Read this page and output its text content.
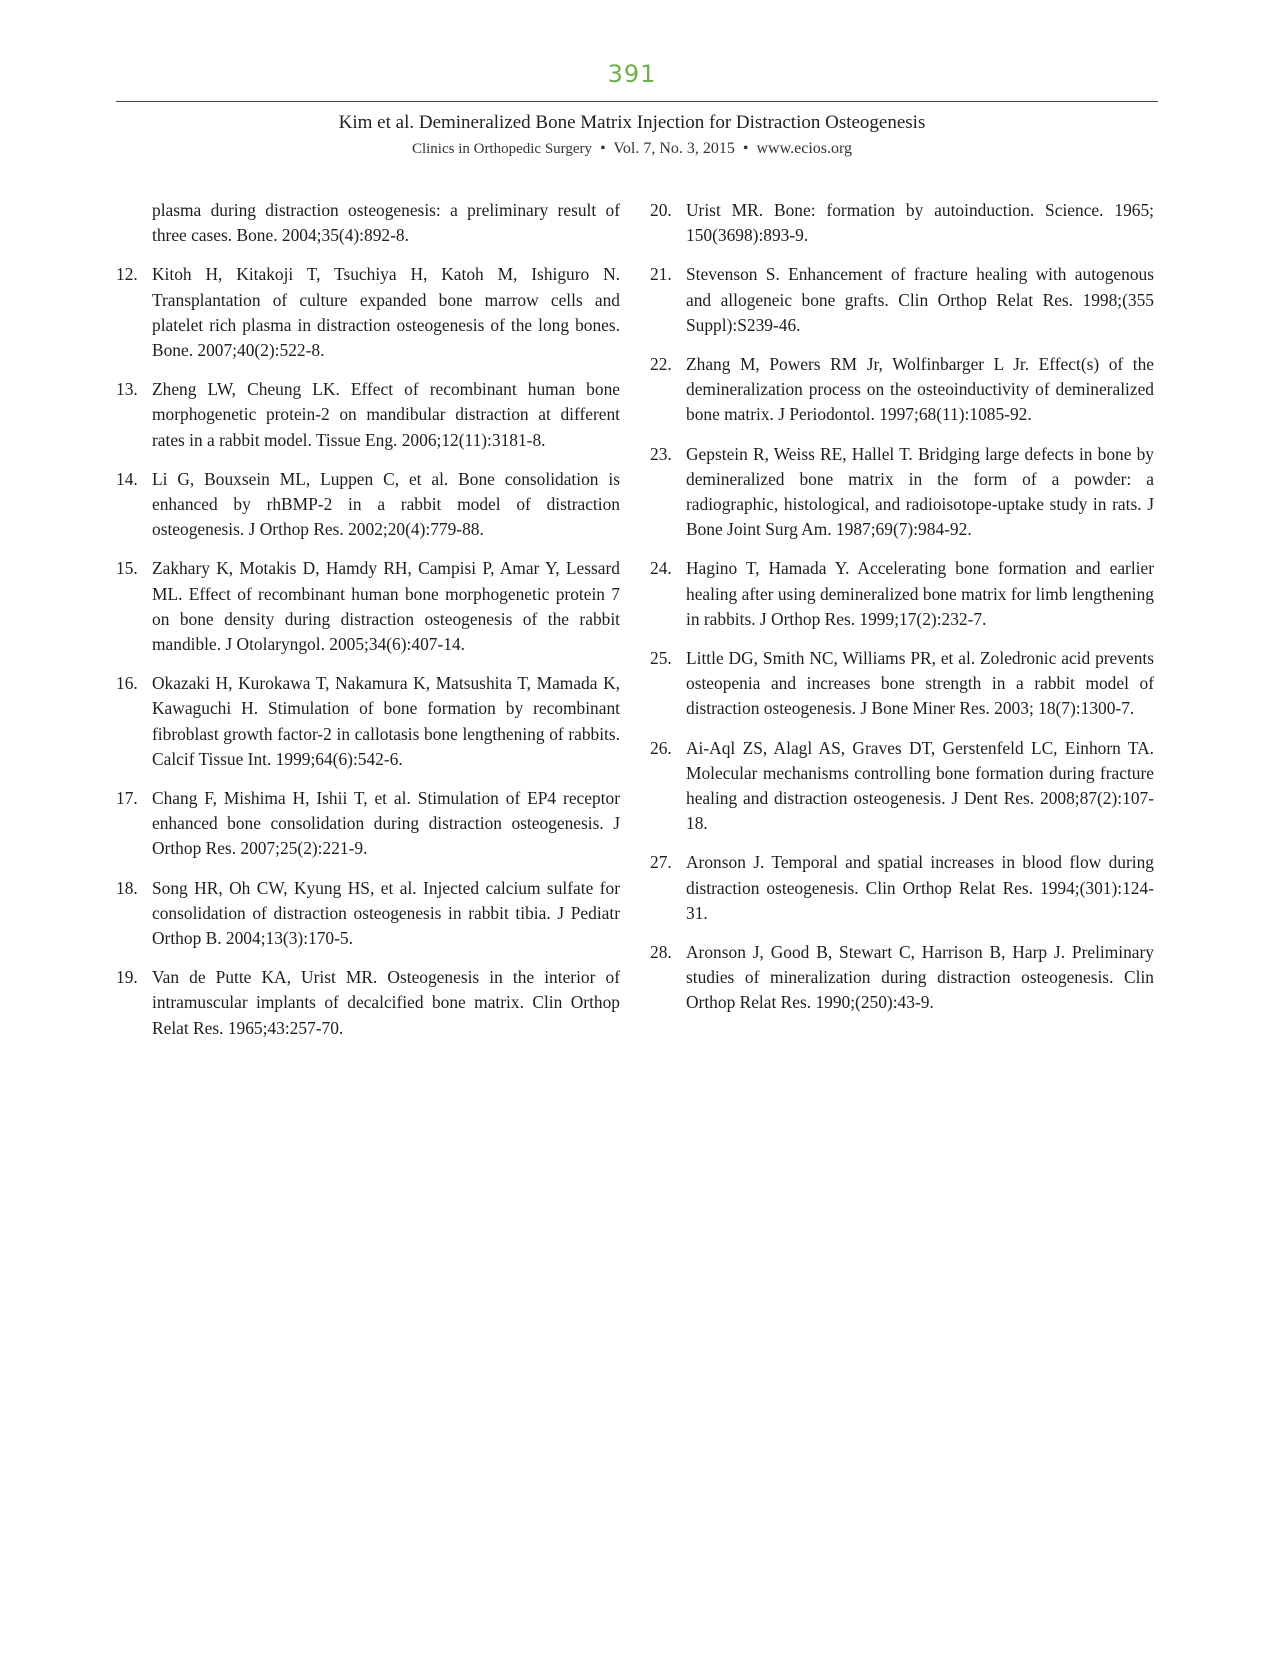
391
Kim et al. Demineralized Bone Matrix Injection for Distraction Osteogenesis
Clinics in Orthopedic Surgery • Vol. 7, No. 3, 2015 • www.ecios.org
plasma during distraction osteogenesis: a preliminary result of three cases. Bone. 2004;35(4):892-8.
12. Kitoh H, Kitakoji T, Tsuchiya H, Katoh M, Ishiguro N. Transplantation of culture expanded bone marrow cells and platelet rich plasma in distraction osteogenesis of the long bones. Bone. 2007;40(2):522-8.
13. Zheng LW, Cheung LK. Effect of recombinant human bone morphogenetic protein-2 on mandibular distraction at different rates in a rabbit model. Tissue Eng. 2006;12(11):3181-8.
14. Li G, Bouxsein ML, Luppen C, et al. Bone consolidation is enhanced by rhBMP-2 in a rabbit model of distraction osteogenesis. J Orthop Res. 2002;20(4):779-88.
15. Zakhary K, Motakis D, Hamdy RH, Campisi P, Amar Y, Lessard ML. Effect of recombinant human bone morphogenetic protein 7 on bone density during distraction osteogenesis of the rabbit mandible. J Otolaryngol. 2005;34(6):407-14.
16. Okazaki H, Kurokawa T, Nakamura K, Matsushita T, Mamada K, Kawaguchi H. Stimulation of bone formation by recombinant fibroblast growth factor-2 in callotasis bone lengthening of rabbits. Calcif Tissue Int. 1999;64(6):542-6.
17. Chang F, Mishima H, Ishii T, et al. Stimulation of EP4 receptor enhanced bone consolidation during distraction osteogenesis. J Orthop Res. 2007;25(2):221-9.
18. Song HR, Oh CW, Kyung HS, et al. Injected calcium sulfate for consolidation of distraction osteogenesis in rabbit tibia. J Pediatr Orthop B. 2004;13(3):170-5.
19. Van de Putte KA, Urist MR. Osteogenesis in the interior of intramuscular implants of decalcified bone matrix. Clin Orthop Relat Res. 1965;43:257-70.
20. Urist MR. Bone: formation by autoinduction. Science. 1965; 150(3698):893-9.
21. Stevenson S. Enhancement of fracture healing with autogenous and allogeneic bone grafts. Clin Orthop Relat Res. 1998;(355 Suppl):S239-46.
22. Zhang M, Powers RM Jr, Wolfinbarger L Jr. Effect(s) of the demineralization process on the osteoinductivity of demineralized bone matrix. J Periodontol. 1997;68(11):1085-92.
23. Gepstein R, Weiss RE, Hallel T. Bridging large defects in bone by demineralized bone matrix in the form of a powder: a radiographic, histological, and radioisotope-uptake study in rats. J Bone Joint Surg Am. 1987;69(7):984-92.
24. Hagino T, Hamada Y. Accelerating bone formation and earlier healing after using demineralized bone matrix for limb lengthening in rabbits. J Orthop Res. 1999;17(2):232-7.
25. Little DG, Smith NC, Williams PR, et al. Zoledronic acid prevents osteopenia and increases bone strength in a rabbit model of distraction osteogenesis. J Bone Miner Res. 2003; 18(7):1300-7.
26. Ai-Aql ZS, Alagl AS, Graves DT, Gerstenfeld LC, Einhorn TA. Molecular mechanisms controlling bone formation during fracture healing and distraction osteogenesis. J Dent Res. 2008;87(2):107-18.
27. Aronson J. Temporal and spatial increases in blood flow during distraction osteogenesis. Clin Orthop Relat Res. 1994;(301):124-31.
28. Aronson J, Good B, Stewart C, Harrison B, Harp J. Preliminary studies of mineralization during distraction osteogenesis. Clin Orthop Relat Res. 1990;(250):43-9.
